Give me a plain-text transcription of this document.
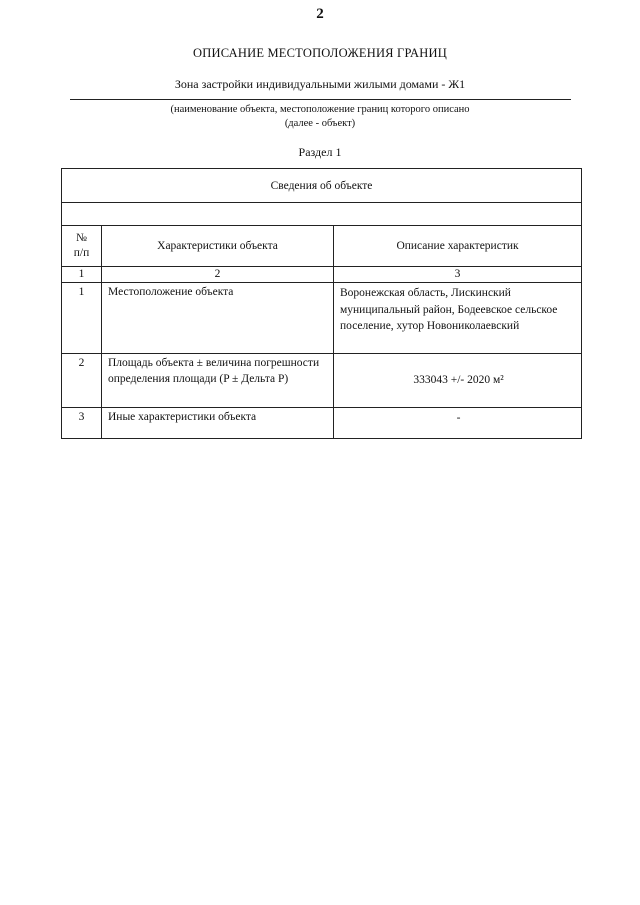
2
ОПИСАНИЕ МЕСТОПОЛОЖЕНИЯ ГРАНИЦ
Зона застройки индивидуальными жилыми домами - Ж1
(наименование объекта, местоположение границ которого описано
(далее - объект)
Раздел 1
Сведения об объекте		

№
п/п	Характеристики объекта	Описание характеристик
1	2	3
1	Местоположение объекта	Воронежская область, Лискинский муниципальный район, Бодеевское сельское поселение, хутор Новониколаевский
2	Площадь объекта ± величина погрешности определения площади (P ± Дельта P)	333043 +/- 2020 м²
3	Иные характеристики объекта	-
